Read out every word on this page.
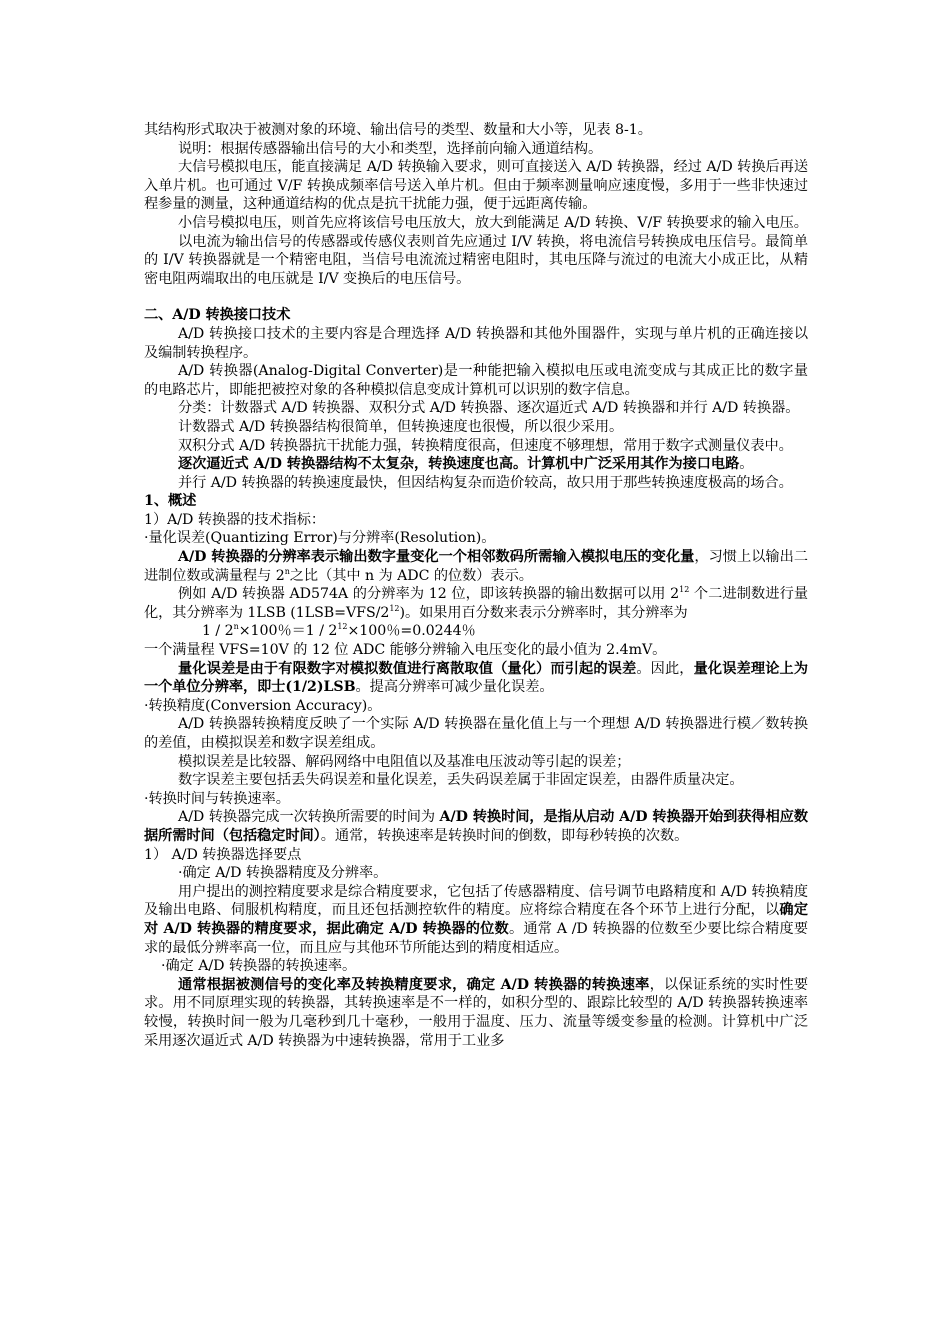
其结构形式取决于被测对象的环境、输出信号的类型、数量和大小等，见表 8-1。

说明：根据传感器输出信号的大小和类型，选择前向输入通道结构。

大信号模拟电压，能直接满足 A/D 转换输入要求，则可直接送入 A/D 转换器，经过 A/D 转换后再送入单片机。也可通过 V/F 转换成频率信号送入单片机。但由于频率测量响应速度慢，多用于一些非快速过程参量的测量，这种通道结构的优点是抗干扰能力强，便于远距离传输。

小信号模拟电压，则首先应将该信号电压放大，放大到能满足 A/D 转换、V/F 转换要求的输入电压。

以电流为输出信号的传感器或传感仪表则首先应通过 I/V 转换，将电流信号转换成电压信号。最简单的 I/V 转换器就是一个精密电阻，当信号电流流过精密电阻时，其电压降与流过的电流大小成正比，从精密电阻两端取出的电压就是 I/V 变换后的电压信号。

二、A/D 转换接口技术

A/D 转换接口技术的主要内容是合理选择 A/D 转换器和其他外围器件，实现与单片机的正确连接以及编制转换程序。

A/D 转换器(Analog-Digital Converter)是一种能把输入模拟电压或电流变成与其成正比的数字量的电路芯片，即能把被控对象的各种模拟信息变成计算机可以识别的数字信息。

分类：计数器式 A/D 转换器、双积分式 A/D 转换器、逐次逼近式 A/D 转换器和并行 A/D 转换器。

计数器式 A/D 转换器结构很简单，但转换速度也很慢，所以很少采用。

双积分式 A/D 转换器抗干扰能力强，转换精度很高，但速度不够理想，常用于数字式测量仪表中。

逐次逼近式 A/D 转换器结构不太复杂，转换速度也高。计算机中广泛采用其作为接口电路。

并行 A/D 转换器的转换速度最快，但因结构复杂而造价较高，故只用于那些转换速度极高的场合。

1、概述

1）A/D 转换器的技术指标：

·量化误差(Quantizing Error)与分辨率(Resolution)。

A/D 转换器的分辨率表示输出数字量变化一个相邻数码所需输入模拟电压的变化量，习惯上以输出二进制位数或满量程与 2$^n$之比（其中 n 为 ADC 的位数）表示。

例如 A/D 转换器 AD574A 的分辨率为 12 位，即该转换器的输出数据可以用 $2^{12}$ 个二进制数进行量化，其分辨率为 1LSB $(1LSB=VFS/2^{12})$。如果用百分数来表示分辨率时，其分辨率为

$1 / 2^n\times 100$％$=1 / 2^{12}\times 100$％=0.0244％

一个满量程 VFS=10V 的 12 位 ADC 能够分辨输入电压变化的最小值为 2.4mV。

量化误差是由于有限数字对模拟数值进行离散取值（量化）而引起的误差。因此，量化误差理论上为一个单位分辨率，即士(1/2)LSB。提高分辨率可减少量化误差。

·转换精度(Conversion Accuracy)。

A/D 转换器转换精度反映了一个实际 A/D 转换器在量化值上与一个理想 A/D 转换器进行模／数转换的差值，由模拟误差和数字误差组成。

模拟误差是比较器、解码网络中电阻值以及基准电压波动等引起的误差；

数字误差主要包括丢失码误差和量化误差，丢失码误差属于非固定误差，由器件质量决定。

·转换时间与转换速率。

A/D 转换器完成一次转换所需要的时间为 A/D 转换时间，是指从启动 A/D 转换器开始到获得相应数据所需时间（包括稳定时间）。通常，转换速率是转换时间的倒数，即每秒转换的次数。

1） A/D 转换器选择要点

·确定 A/D 转换器精度及分辨率。

用户提出的测控精度要求是综合精度要求，它包括了传感器精度、信号调节电路精度和 A/D 转换精度及输出电路、伺服机构精度，而且还包括测控软件的精度。应将综合精度在各个环节上进行分配，以确定对 A/D 转换器的精度要求，据此确定 A/D 转换器的位数。通常 A /D 转换器的位数至少要比综合精度要求的最低分辨率高一位，而且应与其他环节所能达到的精度相适应。

·确定 A/D 转换器的转换速率。

通常根据被测信号的变化率及转换精度要求，确定 A/D 转换器的转换速率，以保证系统的实时性要求。用不同原理实现的转换器，其转换速率是不一样的，如积分型的、跟踪比较型的 A/D 转换器转换速率较慢，转换时间一般为几毫秒到几十毫秒，一般用于温度、压力、流量等缓变参量的检测。计算机中广泛采用逐次逼近式 A/D 转换器为中速转换器，常用于工业多
